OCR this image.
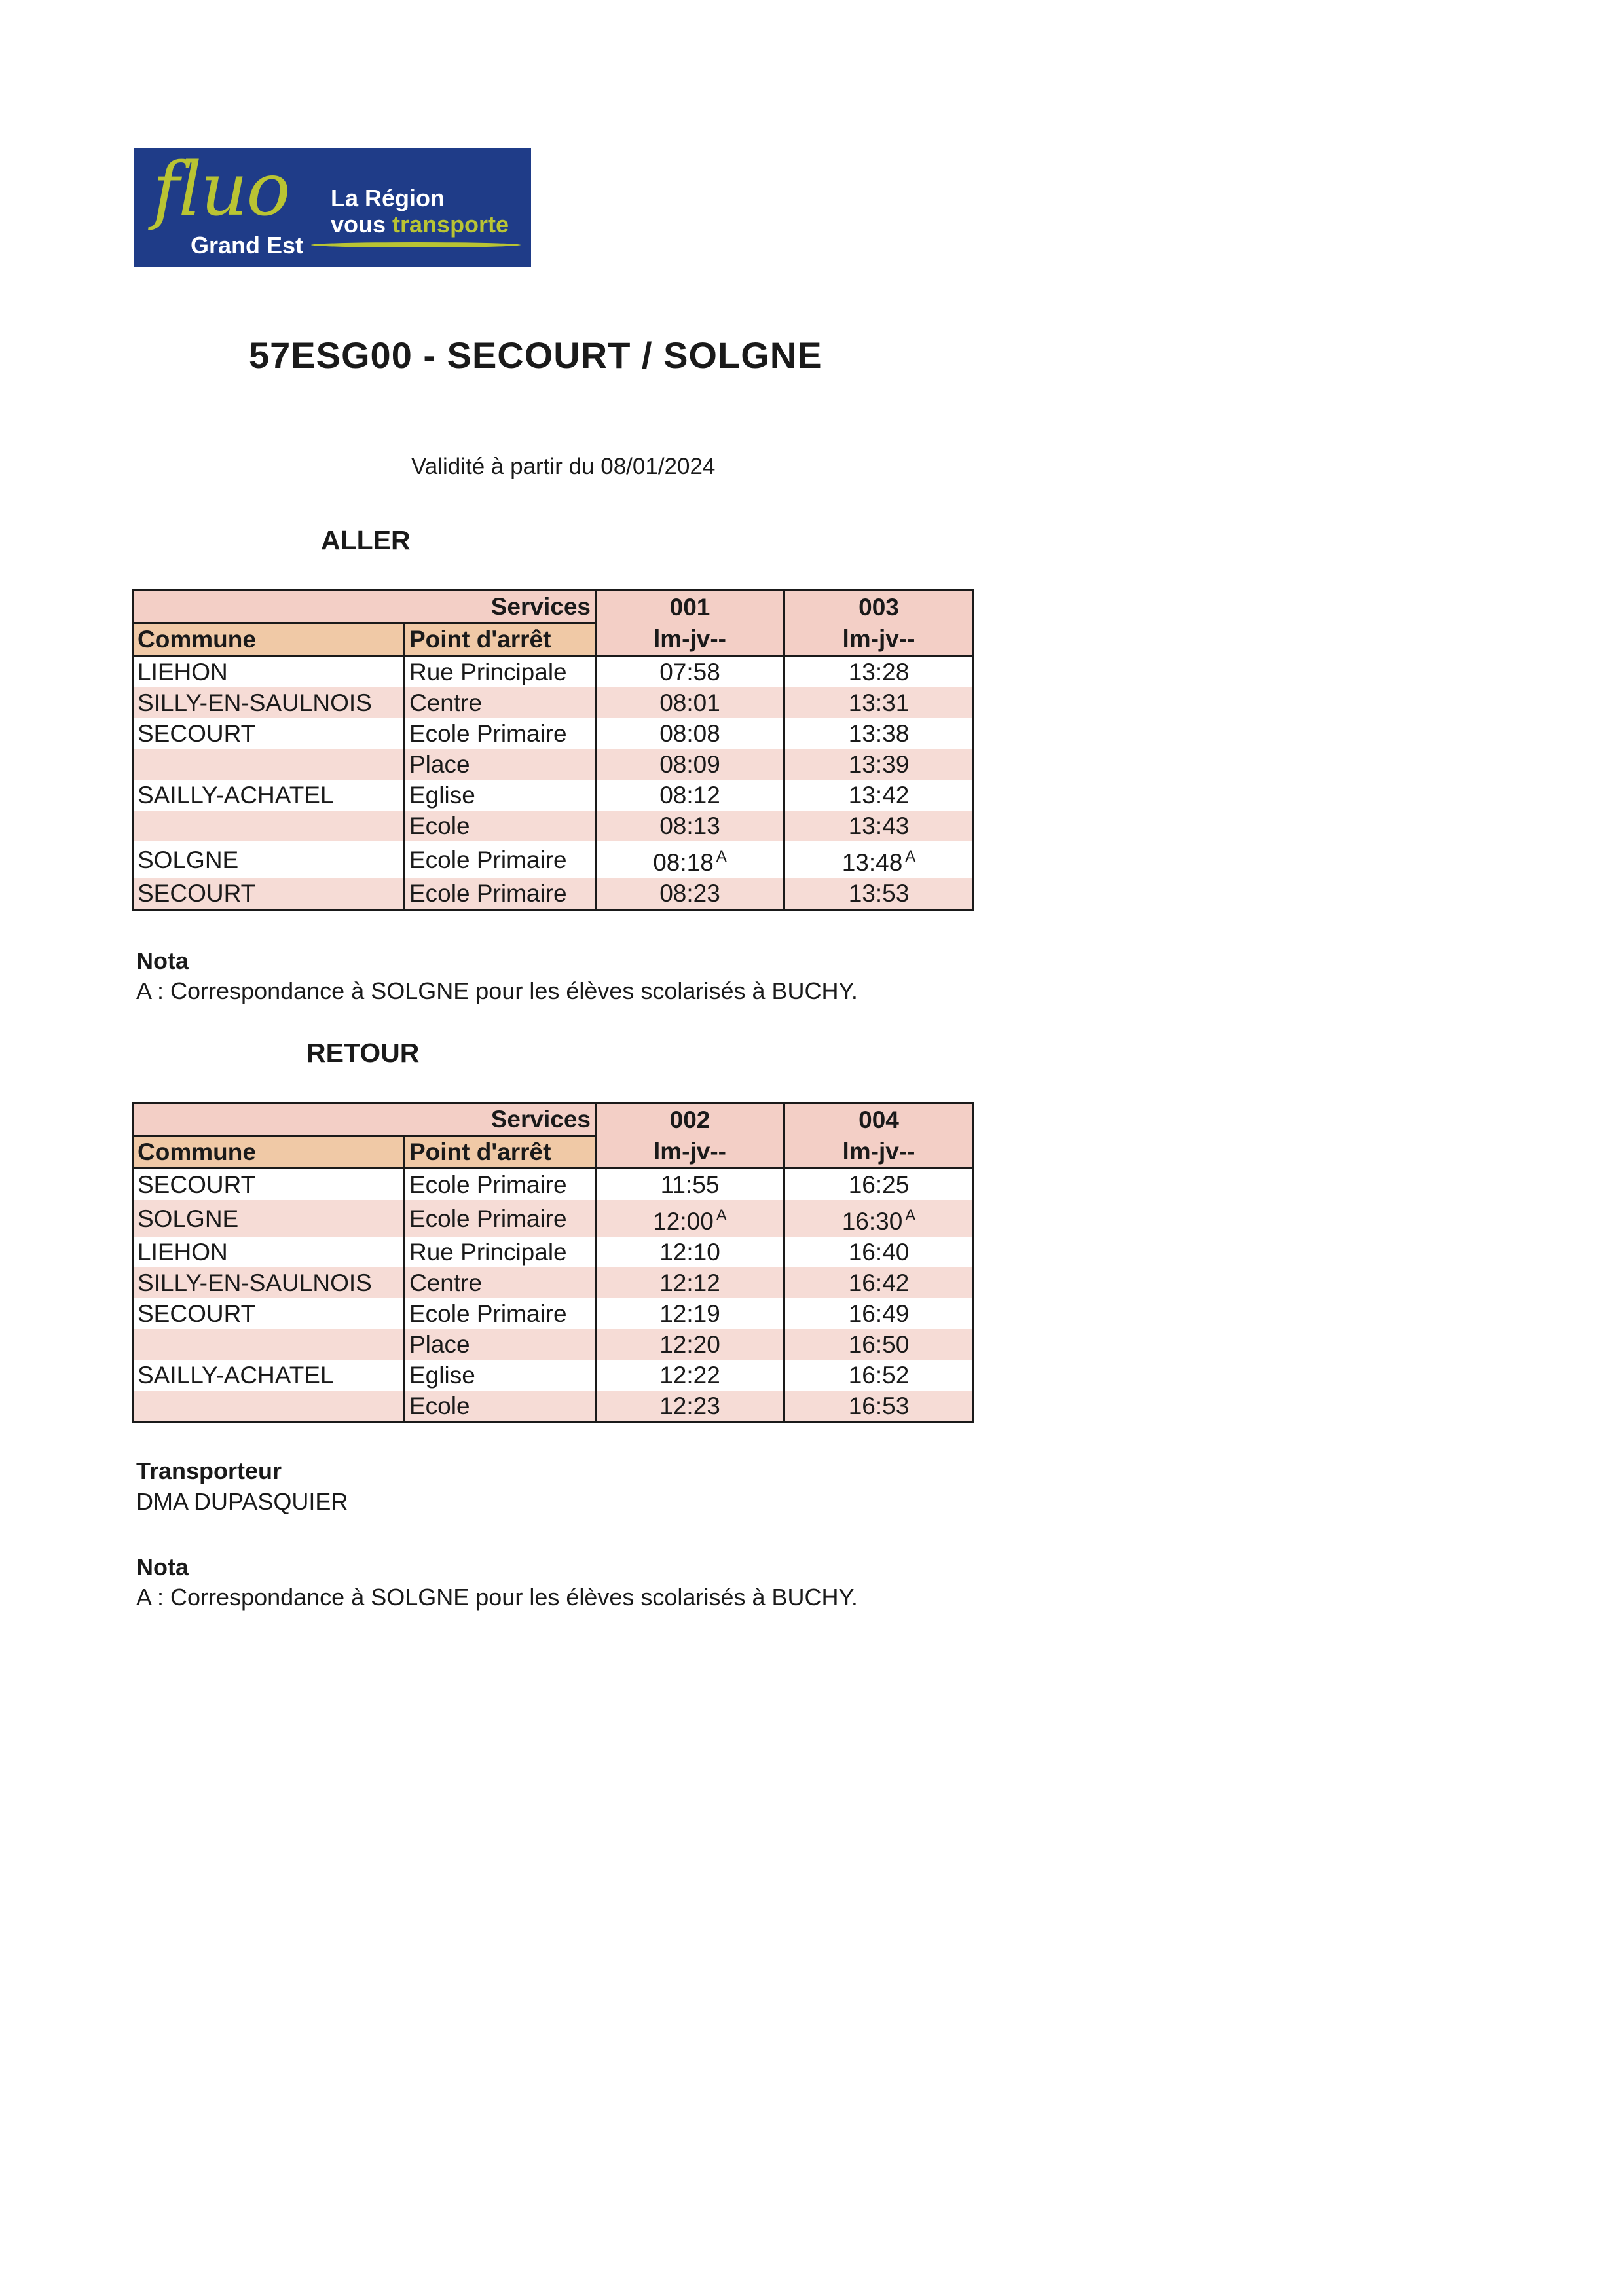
fluo
Grand Est
La Région
vous transporte
57ESG00 - SECOURT / SOLGNE
Validité à partir du 08/01/2024
ALLER
	Services	001	003
Commune	Point d'arrêt	lm-jv--	lm-jv--
LIEHON	Rue Principale	07:58	13:28
SILLY-EN-SAULNOIS	Centre	08:01	13:31
SECOURT	Ecole Primaire	08:08	13:38
	Place	08:09	13:39
SAILLY-ACHATEL	Eglise	08:12	13:42
	Ecole	08:13	13:43
SOLGNE	Ecole Primaire	08:18 $^A$	13:48 $^A$
SECOURT	Ecole Primaire	08:23	13:53
Nota
A : Correspondance à SOLGNE pour les élèves scolarisés à BUCHY.
RETOUR
	Services	002	004
Commune	Point d'arrêt	lm-jv--	lm-jv--
SECOURT	Ecole Primaire	11:55	16:25
SOLGNE	Ecole Primaire	12:00 $^A$	16:30 $^A$
LIEHON	Rue Principale	12:10	16:40
SILLY-EN-SAULNOIS	Centre	12:12	16:42
SECOURT	Ecole Primaire	12:19	16:49
	Place	12:20	16:50
SAILLY-ACHATEL	Eglise	12:22	16:52
	Ecole	12:23	16:53
Transporteur
DMA DUPASQUIER
Nota
A : Correspondance à SOLGNE pour les élèves scolarisés à BUCHY.
